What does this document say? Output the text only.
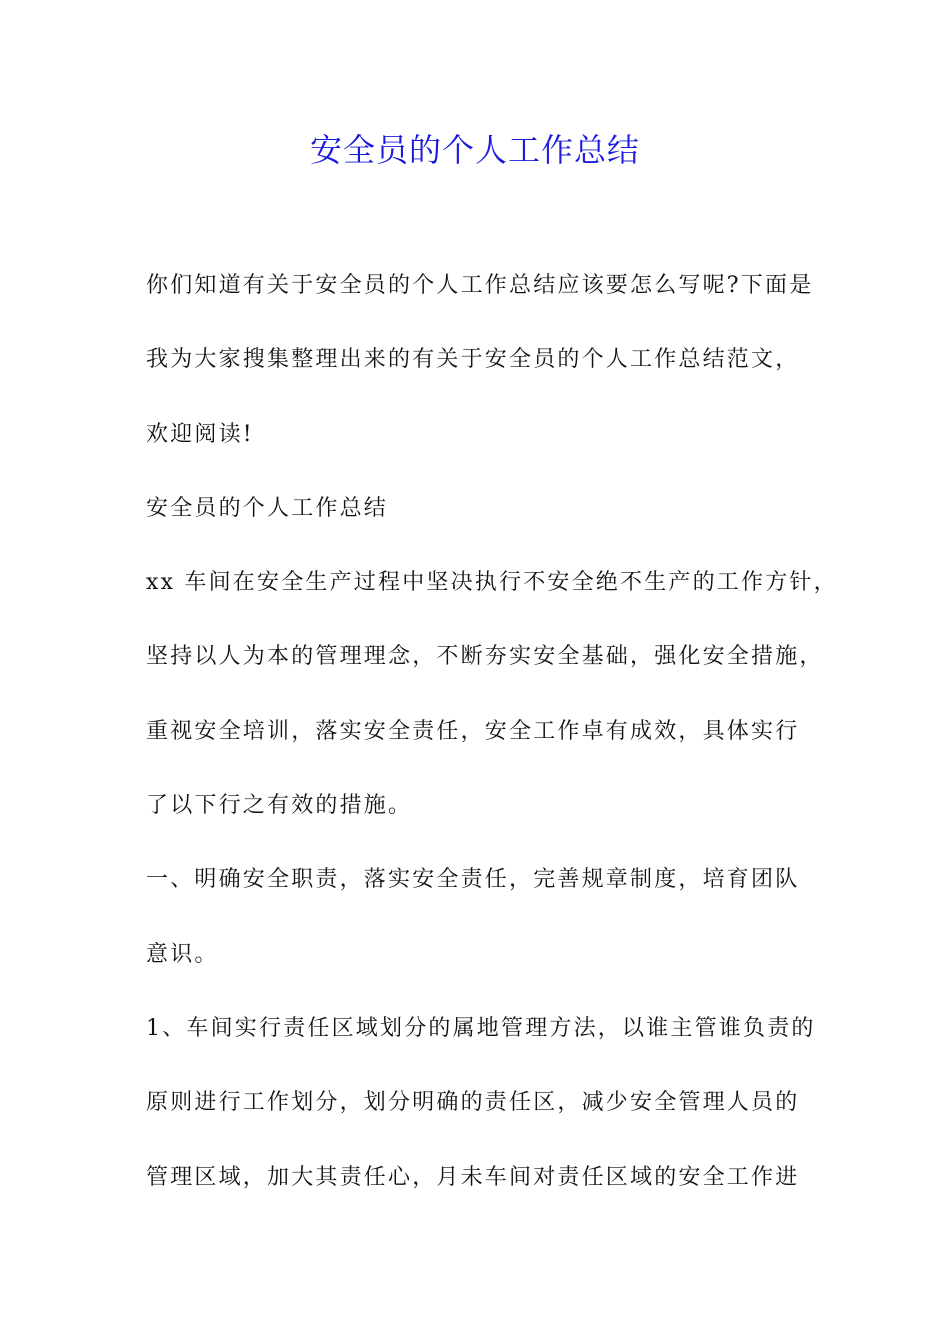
安全员的个人工作总结
你们知道有关于安全员的个人工作总结应该要怎么写呢?下面是
我为大家搜集整理出来的有关于安全员的个人工作总结范文，
欢迎阅读!
安全员的个人工作总结
xx 车间在安全生产过程中坚决执行不安全绝不生产的工作方针，
坚持以人为本的管理理念，不断夯实安全基础，强化安全措施，
重视安全培训，落实安全责任，安全工作卓有成效，具体实行
了以下行之有效的措施。
一、明确安全职责，落实安全责任，完善规章制度，培育团队
意识。
1、车间实行责任区域划分的属地管理方法，以谁主管谁负责的
原则进行工作划分，划分明确的责任区，减少安全管理人员的
管理区域，加大其责任心，月未车间对责任区域的安全工作进
